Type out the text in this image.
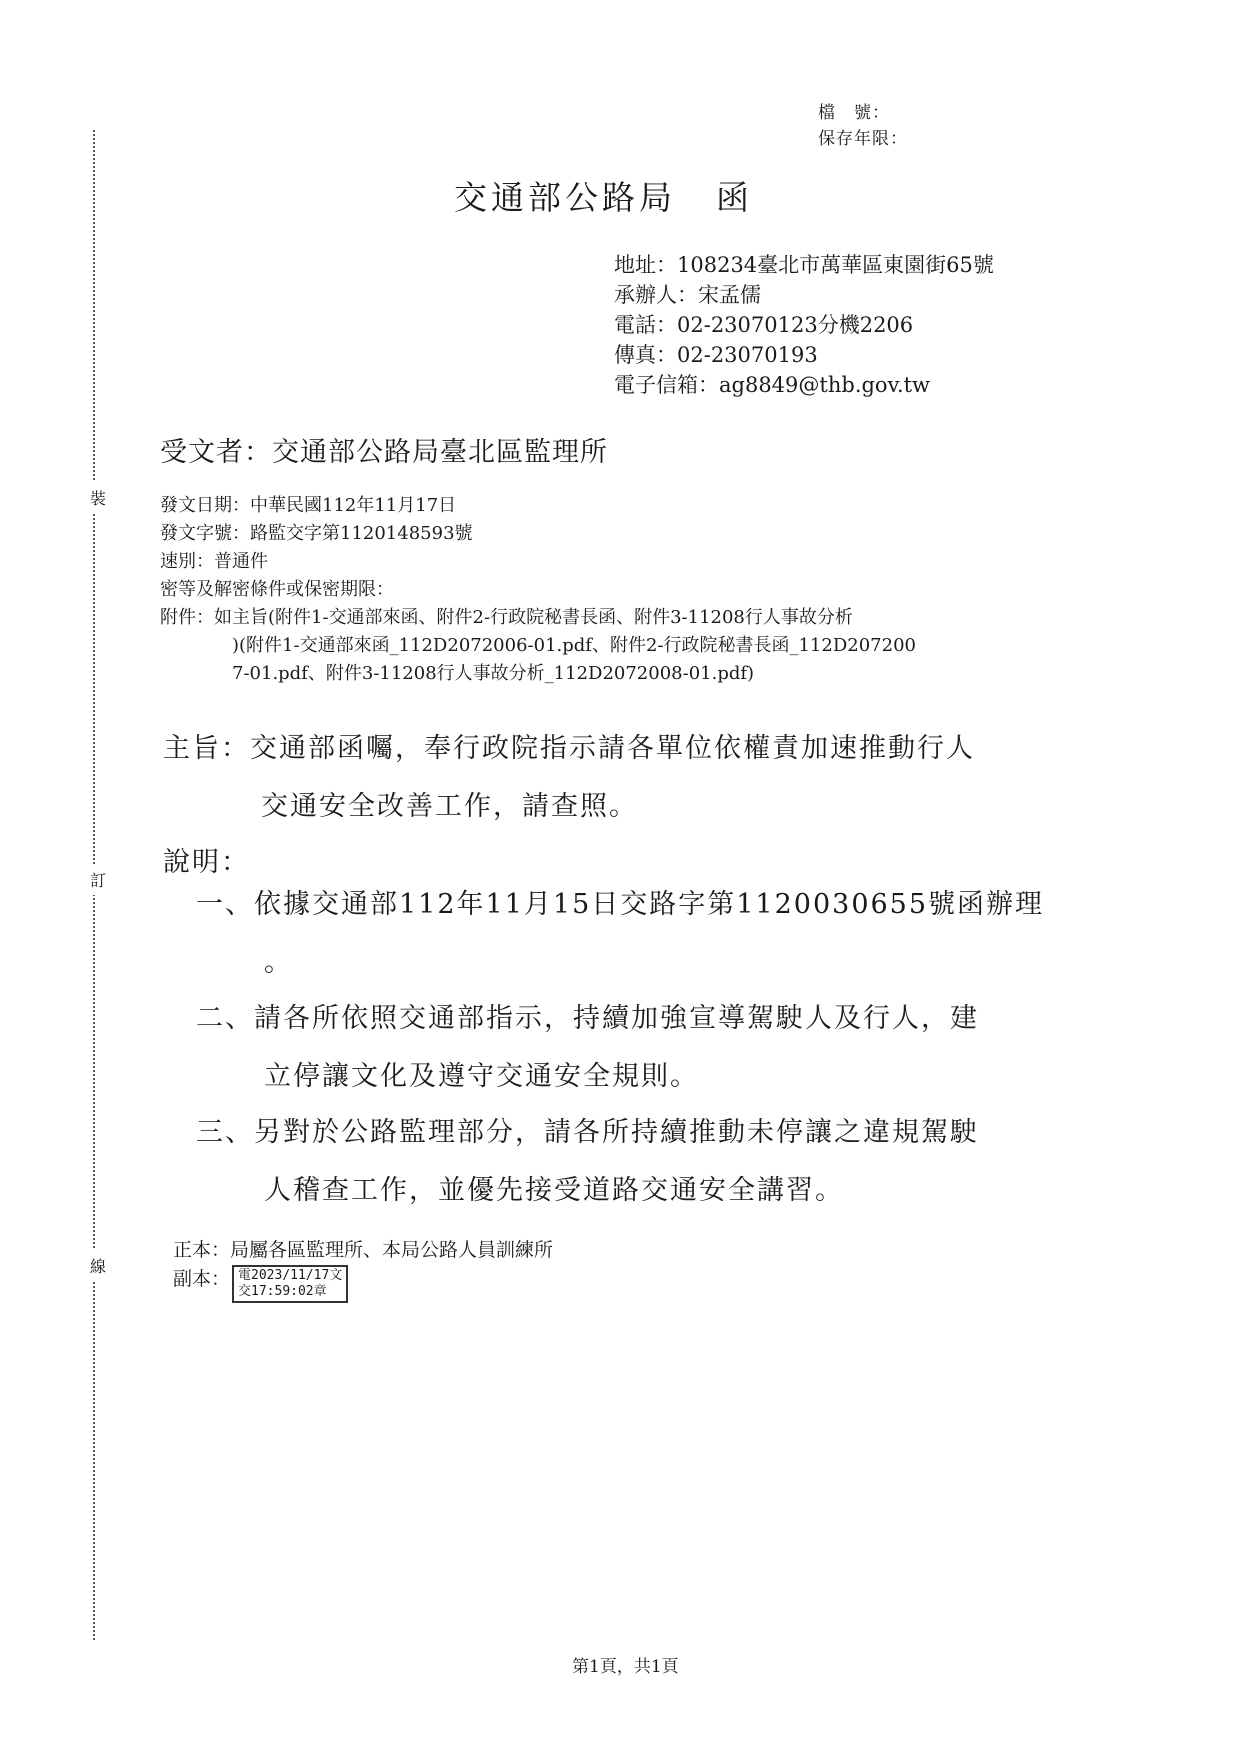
裝
訂
線
檔　號：
保存年限：
交通部公路局 函
地址：108234臺北市萬華區東園街65號
承辦人：宋孟儒
電話：02-23070123分機2206
傳真：02-23070193
電子信箱：ag8849@thb.gov.tw
受文者：交通部公路局臺北區監理所
發文日期：中華民國112年11月17日
發文字號：路監交字第1120148593號
速別：普通件
密等及解密條件或保密期限：
附件：如主旨(附件1-交通部來函、附件2-行政院秘書長函、附件3-11208行人事故分析
)(附件1-交通部來函_112D2072006-01.pdf、附件2-行政院秘書長函_112D207200
7-01.pdf、附件3-11208行人事故分析_112D2072008-01.pdf)
主旨：交通部函囑，奉行政院指示請各單位依權責加速推動行人
交通安全改善工作，請查照。
說明：
一、依據交通部112年11月15日交路字第1120030655號函辦理
。
二、請各所依照交通部指示，持續加強宣導駕駛人及行人，建
立停讓文化及遵守交通安全規則。
三、另對於公路監理部分，請各所持續推動未停讓之違規駕駛
人稽查工作，並優先接受道路交通安全講習。
正本：局屬各區監理所、本局公路人員訓練所
副本： 電2023/11/17文
交17:59:02章
第1頁，共1頁
